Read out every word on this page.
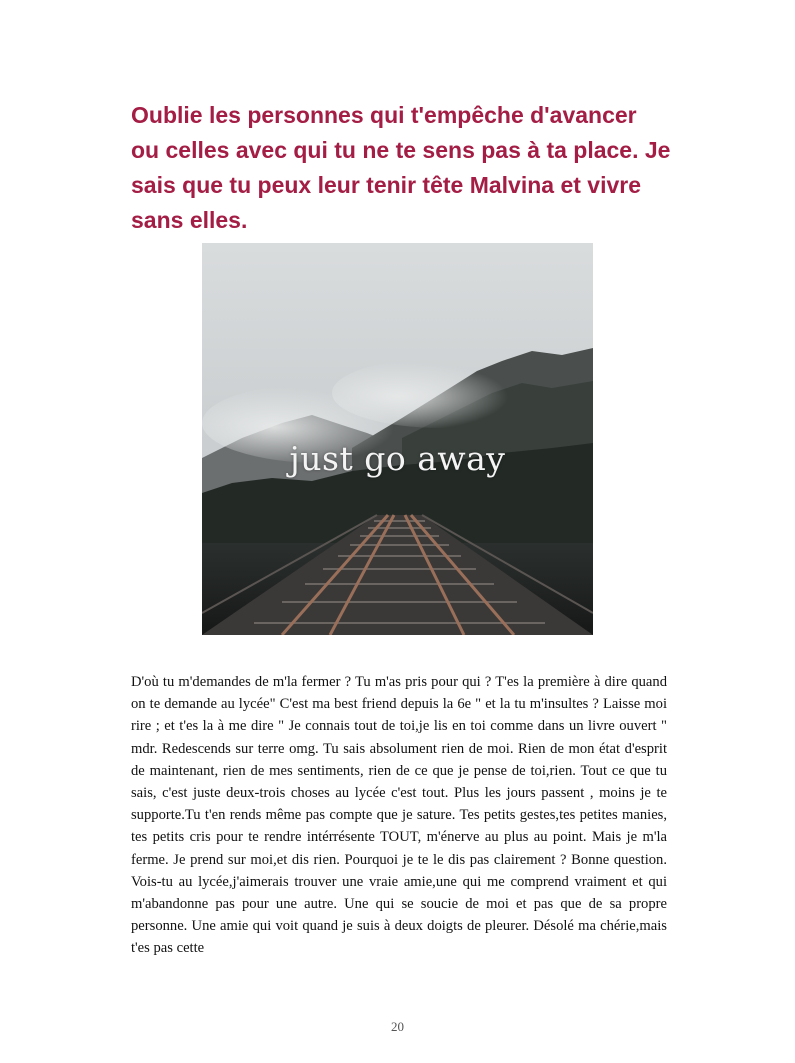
Oublie les personnes qui t'empêche d'avancer ou celles avec qui tu ne te sens pas à ta place. Je sais que tu peux leur tenir tête Malvina et vivre sans elles.

just go away

D'où tu m'demandes de m'la fermer ? Tu m'as pris pour qui ? T'es la première à dire quand on te demande au lycée" C'est ma best friend depuis la 6e " et la tu m'insultes ? Laisse moi rire ; et t'es la à me dire " Je connais tout de toi,je lis en toi comme dans un livre ouvert " mdr. Redescends sur terre omg. Tu sais absolument rien de moi. Rien de mon état d'esprit de maintenant, rien de mes sentiments, rien de ce que je pense de toi,rien. Tout ce que tu sais, c'est juste deux-trois choses au lycée c'est tout. Plus les jours passent , moins je te supporte.Tu t'en rends même pas compte que je sature. Tes petits gestes,tes petites manies, tes petits cris pour te rendre intérrésente TOUT, m'énerve au plus au point. Mais je m'la ferme. Je prend sur moi,et dis rien. Pourquoi je te le dis pas clairement ? Bonne question. Vois-tu au lycée,j'aimerais trouver une vraie amie,une qui me comprend vraiment et qui m'abandonne pas pour une autre. Une qui se soucie de moi et pas que de sa propre personne. Une amie qui voit quand je suis à deux doigts de pleurer. Désolé ma chérie,mais t'es pas cette

20
